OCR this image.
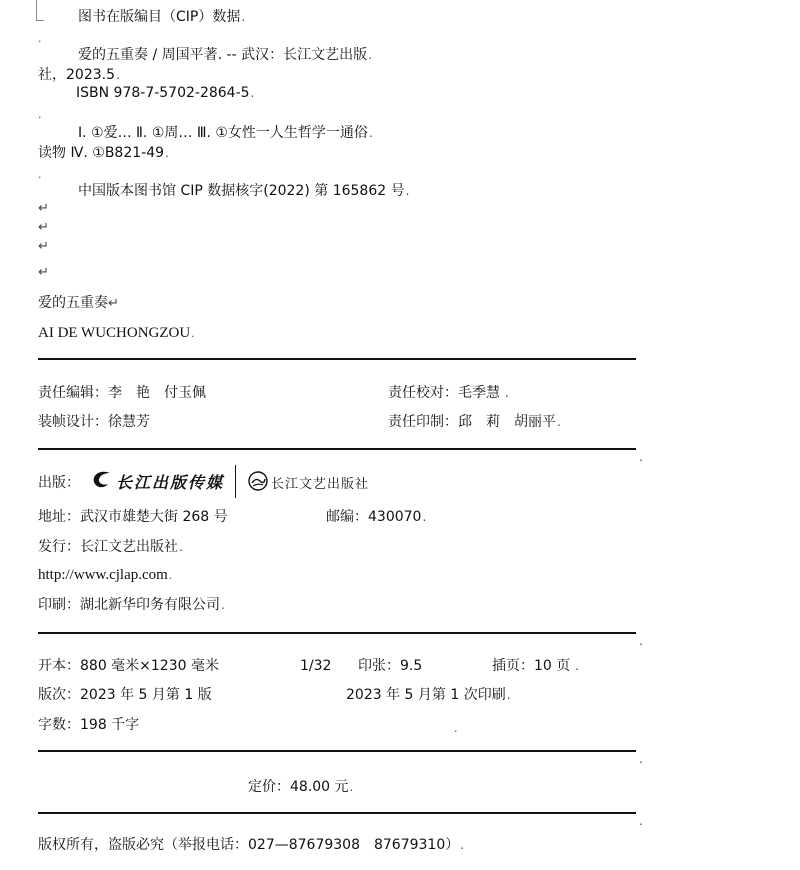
图书在版编目（CIP）数据.
.
爱的五重奏 / 周国平著. -- 武汉：长江文艺出版.
社，2023.5.
ISBN 978-7-5702-2864-5.
.
Ⅰ. ①爱… Ⅱ. ①周… Ⅲ. ①女性一人生哲学一通俗.
读物 Ⅳ. ①B821-49.
.
中国版本图书馆 CIP 数据核字(2022) 第 165862 号.
↵
↵
↵
↵
爱的五重奏↵
AI DE WUCHONGZOU.
责任编辑：李　艳　付玉佩	责任校对：毛季慧 .
装帧设计：徐慧芳	责任印制：邱　莉　胡丽平.
.
出版： 长江出版传媒	长江文艺出版社
地址：武汉市雄楚大街 268 号	邮编：430070.
发行：长江文艺出版社.
http://www.cjlap.com.
印刷：湖北新华印务有限公司.
.
开本：880 毫米×1230 毫米	1/32 印张：9.5	插页：10 页 .
版次：2023 年 5 月第 1 版	2023 年 5 月第 1 次印刷.
字数：198 千字	.
.
定价：48.00 元.
.
版权所有，盗版必究（举报电话：027—87679308　87679310）.
